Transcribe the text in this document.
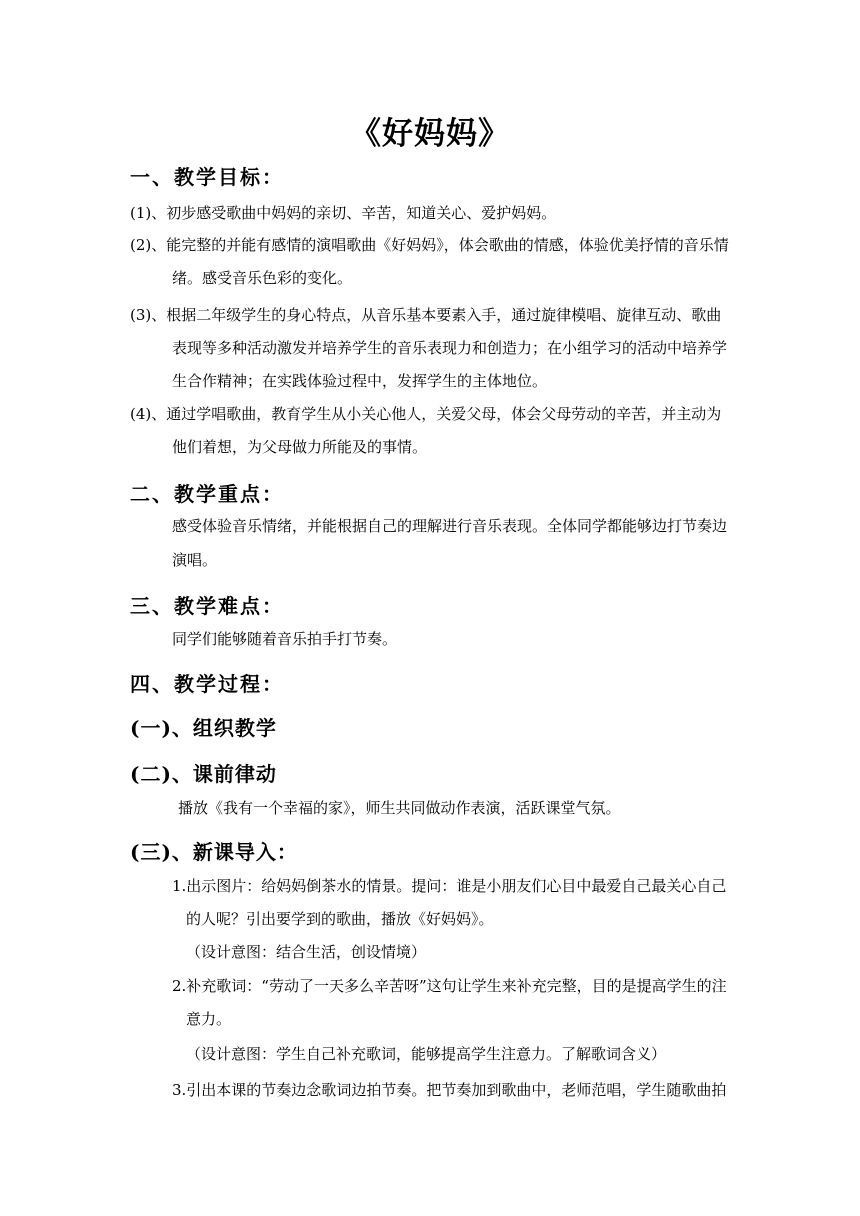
《好妈妈》
一、教学目标：
(1)、初步感受歌曲中妈妈的亲切、辛苦，知道关心、爱护妈妈。
(2)、能完整的并能有感情的演唱歌曲《好妈妈》，体会歌曲的情感，体验优美抒情的音乐情
绪。感受音乐色彩的变化。
(3)、根据二年级学生的身心特点，从音乐基本要素入手，通过旋律模唱、旋律互动、歌曲
表现等多种活动激发并培养学生的音乐表现力和创造力；在小组学习的活动中培养学
生合作精神；在实践体验过程中，发挥学生的主体地位。
(4)、通过学唱歌曲，教育学生从小关心他人，关爱父母，体会父母劳动的辛苦，并主动为
他们着想，为父母做力所能及的事情。
二、教学重点：
感受体验音乐情绪，并能根据自己的理解进行音乐表现。全体同学都能够边打节奏边
演唱。
三、教学难点：
同学们能够随着音乐拍手打节奏。
四、教学过程：
(一)、组织教学
(二)、课前律动
播放《我有一个幸福的家》，师生共同做动作表演，活跃课堂气氛。
(三)、新课导入：
1.出示图片：给妈妈倒茶水的情景。提问：谁是小朋友们心目中最爱自己最关心自己
的人呢？引出要学到的歌曲，播放《好妈妈》。
（设计意图：结合生活，创设情境）
2.补充歌词：“劳动了一天多么辛苦呀”这句让学生来补充完整，目的是提高学生的注
意力。
（设计意图：学生自己补充歌词，能够提高学生注意力。了解歌词含义）
3.引出本课的节奏边念歌词边拍节奏。把节奏加到歌曲中，老师范唱，学生随歌曲拍
